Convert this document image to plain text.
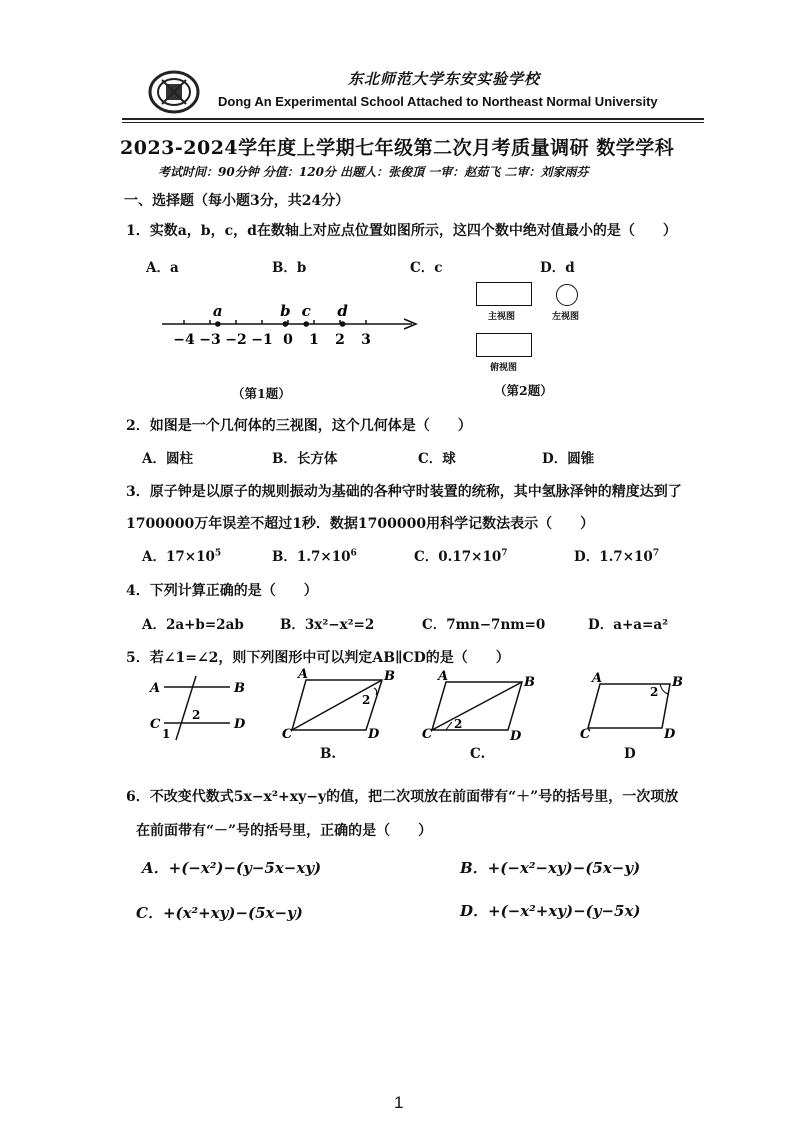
东北师范大学东安实验学校
Dong An Experimental School Attached to Northeast Normal University
2023-2024学年度上学期七年级第二次月考质量调研 数学学科
考试时间：90分钟 分值：120分 出题人：张俊頂 一审：赵茹飞 二审：刘家雨芬
一、选择题（每小题3分，共24分）
1．实数a，b，c，d在数轴上对应点位置如图所示，这四个数中绝对值最小的是（　　）
A．a	B．b	C．c	D．d
−4 −3 −2 −1 0 1 2 3
a	b c d
（第1题）
主视图	左视图
俯视图
（第2题）
2．如图是一个几何体的三视图，这个几何体是（　　）
A．圆柱	B．长方体	C．球	D．圆锥
3．原子钟是以原子的规则振动为基础的各种守时装置的统称，其中氢脉泽钟的精度达到了
1700000万年误差不超过1秒．数据1700000用科学记数法表示（　　）
A．$17\times 10^5$	B．$1.7\times 10^6$	C．$0.17\times 10^7$	D．$1.7\times 10^7$
4．下列计算正确的是（　　）
A．2a+b=2ab	B．3x²−x²=2	C．7mn−7nm=0	D．a+a=a²
5．若∠1=∠2，则下列图形中可以判定AB∥CD的是（　　）
A	B
C	D
2
1
A	B
C	D
2
B.
A	B
C	D
2
C.
A	B
C	D
2
D
6．不改变代数式5x−x²+xy−y的值，把二次项放在前面带有“＋”号的括号里，一次项放
在前面带有“－”号的括号里，正确的是（　　）
A．+(−x²)−(y−5x−xy)	B．+(−x²−xy)−(5x−y)
C．+(x²+xy)−(5x−y)	D．+(−x²+xy)−(y−5x)
1
